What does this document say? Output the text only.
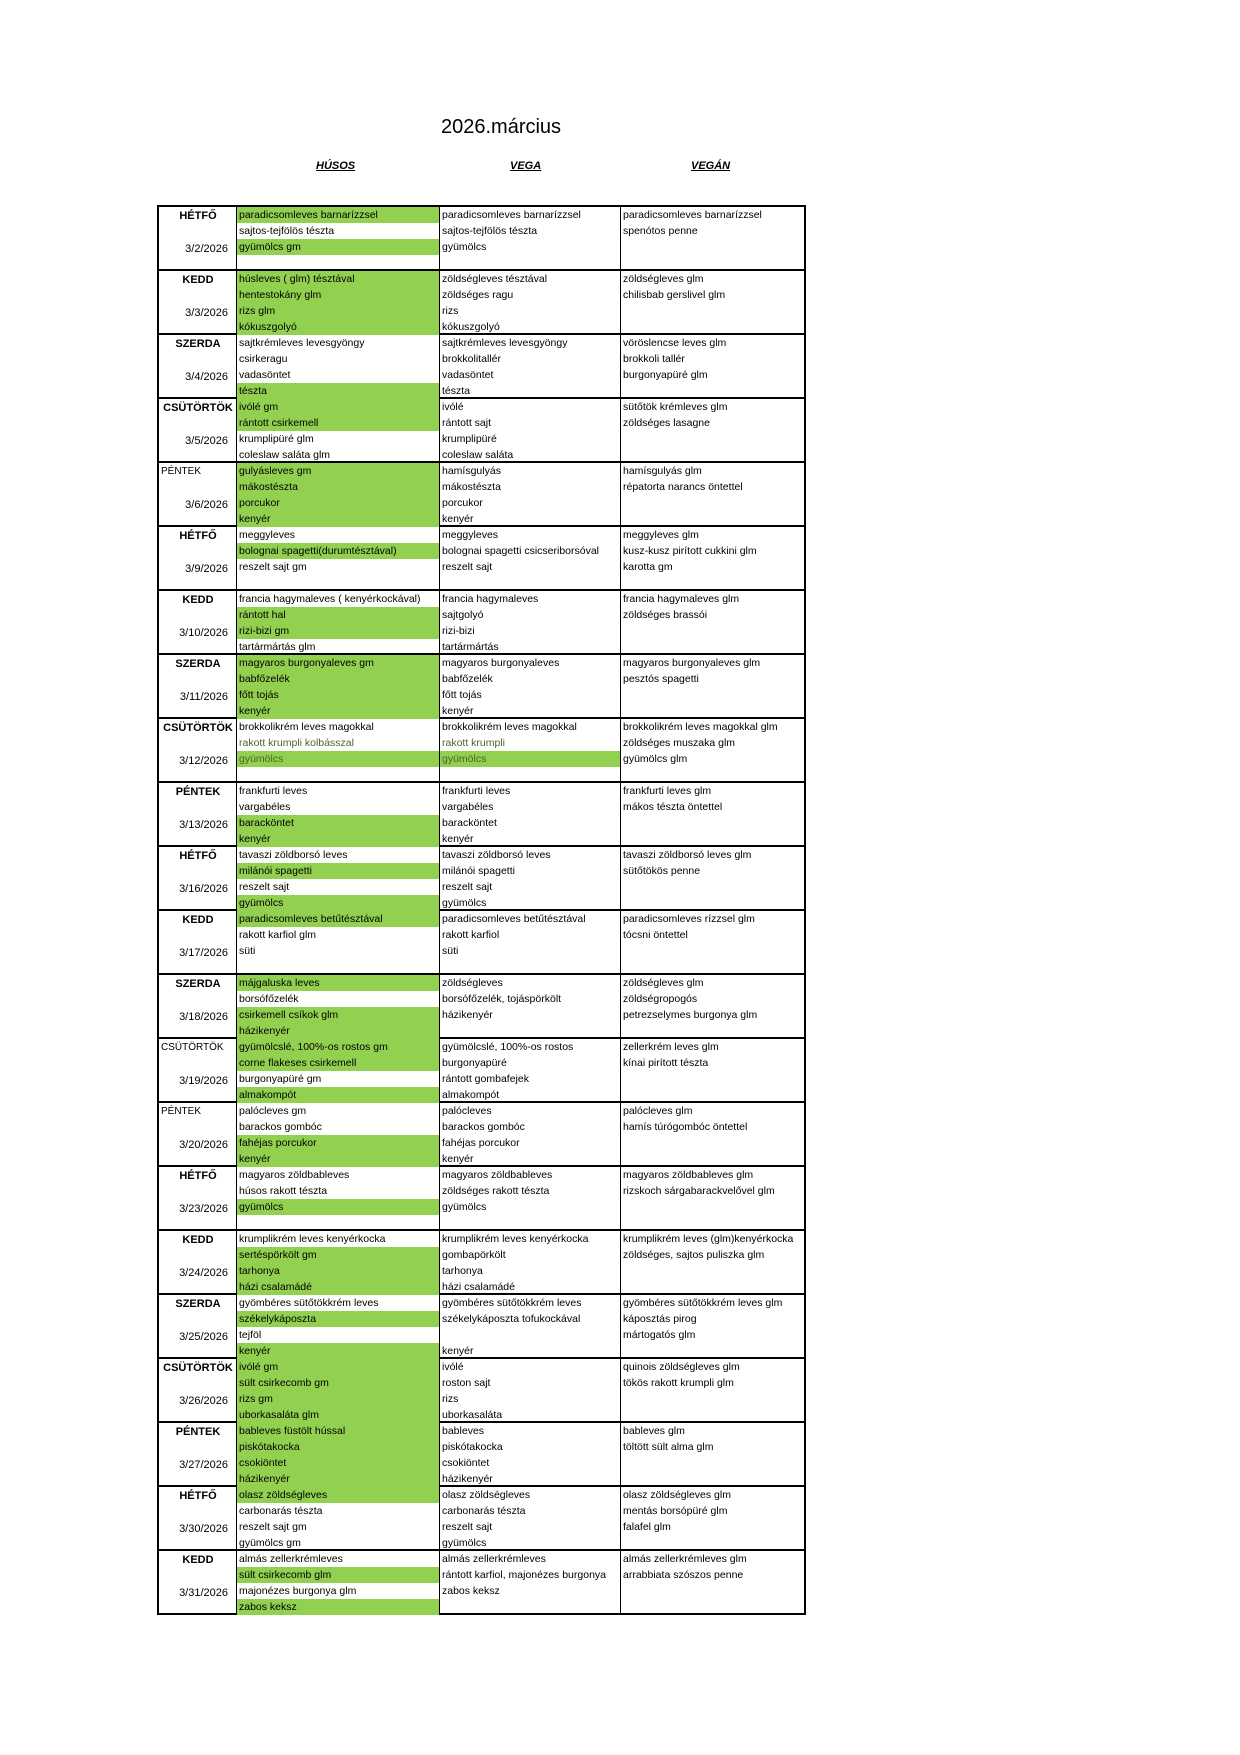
2026.március
HÚSOS	VEGA	VEGÁN
HÉTFŐ
3/2/2026
paradicsomleves barnarízzsel
sajtos-tejfölös tészta
gyümölcs gm
paradicsomleves barnarízzsel
sajtos-tejfölös tészta
gyümölcs
paradicsomleves barnarízzsel
spenótos penne
KEDD
3/3/2026
húsleves ( glm) tésztával
hentestokány glm
rizs glm
kókuszgolyó
zöldségleves tésztával
zöldséges ragu
rizs
kókuszgolyó
zöldségleves glm
chilisbab gerslivel glm
SZERDA
3/4/2026
sajtkrémleves levesgyöngy
csirkeragu
vadasöntet
tészta
sajtkrémleves levesgyöngy
brokkolitallér
vadasöntet
tészta
vöröslencse leves glm
brokkoli tallér
burgonyapüré glm
CSÜTÖRTÖK
3/5/2026
ivólé gm
rántott csirkemell
krumplipüré glm
coleslaw saláta glm
ivólé
rántott sajt
krumplipüré
coleslaw saláta
sütőtök krémleves glm
zöldséges lasagne
PÉNTEK
3/6/2026
gulyásleves gm
mákostészta
porcukor
kenyér
hamísgulyás
mákostészta
porcukor
kenyér
hamísgulyás glm
répatorta narancs öntettel
HÉTFŐ
3/9/2026
meggyleves
bolognai spagetti(durumtésztával)
reszelt sajt gm
meggyleves
bolognai spagetti csicseriborsóval
reszelt sajt
meggyleves glm
kusz-kusz pirított cukkini glm
karotta gm
KEDD
3/10/2026
francia hagymaleves ( kenyérkockával)
rántott hal
rizi-bizi gm
tartármártás glm
francia hagymaleves
sajtgolyó
rizi-bizi
tartármártás
francia hagymaleves glm
zöldséges brassói
SZERDA
3/11/2026
magyaros burgonyaleves gm
babfőzelék
főtt tojás
kenyér
magyaros burgonyaleves
babfőzelék
főtt tojás
kenyér
magyaros burgonyaleves glm
pesztós spagetti
CSÜTÖRTÖK
3/12/2026
brokkolikrém leves magokkal
rakott krumpli kolbásszal
gyümölcs
brokkolikrém leves magokkal
rakott krumpli
gyümölcs
brokkolikrém leves magokkal glm
zöldséges muszaka glm
gyümölcs glm
PÉNTEK
3/13/2026
frankfurti leves
vargabéles
baracköntet
kenyér
frankfurti leves
vargabéles
baracköntet
kenyér
frankfurti leves glm
mákos tészta öntettel
HÉTFŐ
3/16/2026
tavaszi zöldborsó leves
milánói spagetti
reszelt sajt
gyümölcs
tavaszi zöldborsó leves
milánói spagetti
reszelt sajt
gyümölcs
tavaszi zöldborsó leves glm
sütőtökös penne
KEDD
3/17/2026
paradicsomleves betűtésztával
rakott karfiol glm
süti
paradicsomleves betűtésztával
rakott karfiol
süti
paradicsomleves rízzsel glm
tócsni öntettel
SZERDA
3/18/2026
májgaluska leves
borsófőzelék
csirkemell csíkok glm
házikenyér
zöldségleves
borsófőzelék, tojáspörkölt
házikenyér
zöldségleves glm
zöldségropogós
petrezselymes burgonya glm
CSÜTÖRTÖK
3/19/2026
gyümölcslé, 100%-os rostos gm
corne flakeses csirkemell
burgonyapüré gm
almakompót
gyümölcslé, 100%-os rostos
burgonyapüré
rántott gombafejek
almakompót
zellerkrém leves glm
kínai pirított tészta
PÉNTEK
3/20/2026
palócleves gm
barackos gombóc
fahéjas porcukor
kenyér
palócleves
barackos gombóc
fahéjas porcukor
kenyér
palócleves glm
hamís túrógombóc öntettel
HÉTFŐ
3/23/2026
magyaros zöldbableves
húsos rakott tészta
gyümölcs
magyaros zöldbableves
zöldséges rakott tészta
gyümölcs
magyaros zöldbableves glm
rizskoch sárgabarackvelővel glm
KEDD
3/24/2026
krumplikrém leves kenyérkocka
sertéspörkölt gm
tarhonya
házi csalamádé
krumplikrém leves kenyérkocka
gombapörkölt
tarhonya
házi csalamádé
krumplikrém leves (glm)kenyérkocka
zöldséges, sajtos puliszka glm
SZERDA
3/25/2026
gyömbéres sütőtökkrém leves
székelykáposzta
tejföl
kenyér
gyömbéres sütőtökkrém leves
székelykáposzta tofukockával
kenyér
gyömbéres sütőtökkrém leves glm
káposztás pirog
mártogatós glm
CSÜTÖRTÖK
3/26/2026
ivólé gm
sült csirkecomb gm
rizs gm
uborkasaláta glm
ivólé
roston sajt
rizs
uborkasaláta
quinois zöldségleves glm
tökös rakott krumpli glm
PÉNTEK
3/27/2026
bableves füstölt hússal
piskótakocka
csokiöntet
házikenyér
bableves
piskótakocka
csokiöntet
házikenyér
bableves glm
töltött sült alma glm
HÉTFŐ
3/30/2026
olasz zöldségleves
carbonarás tészta
reszelt sajt gm
gyümölcs gm
olasz zöldségleves
carbonarás tészta
reszelt sajt
gyümölcs
olasz zöldségleves glm
mentás borsópüré glm
falafel glm
KEDD
3/31/2026
almás zellerkrémleves
sült csirkecomb glm
majonézes burgonya glm
zabos keksz
almás zellerkrémleves
rántott karfiol, majonézes burgonya
zabos keksz
almás zellerkrémleves glm
arrabbiata szószos penne
